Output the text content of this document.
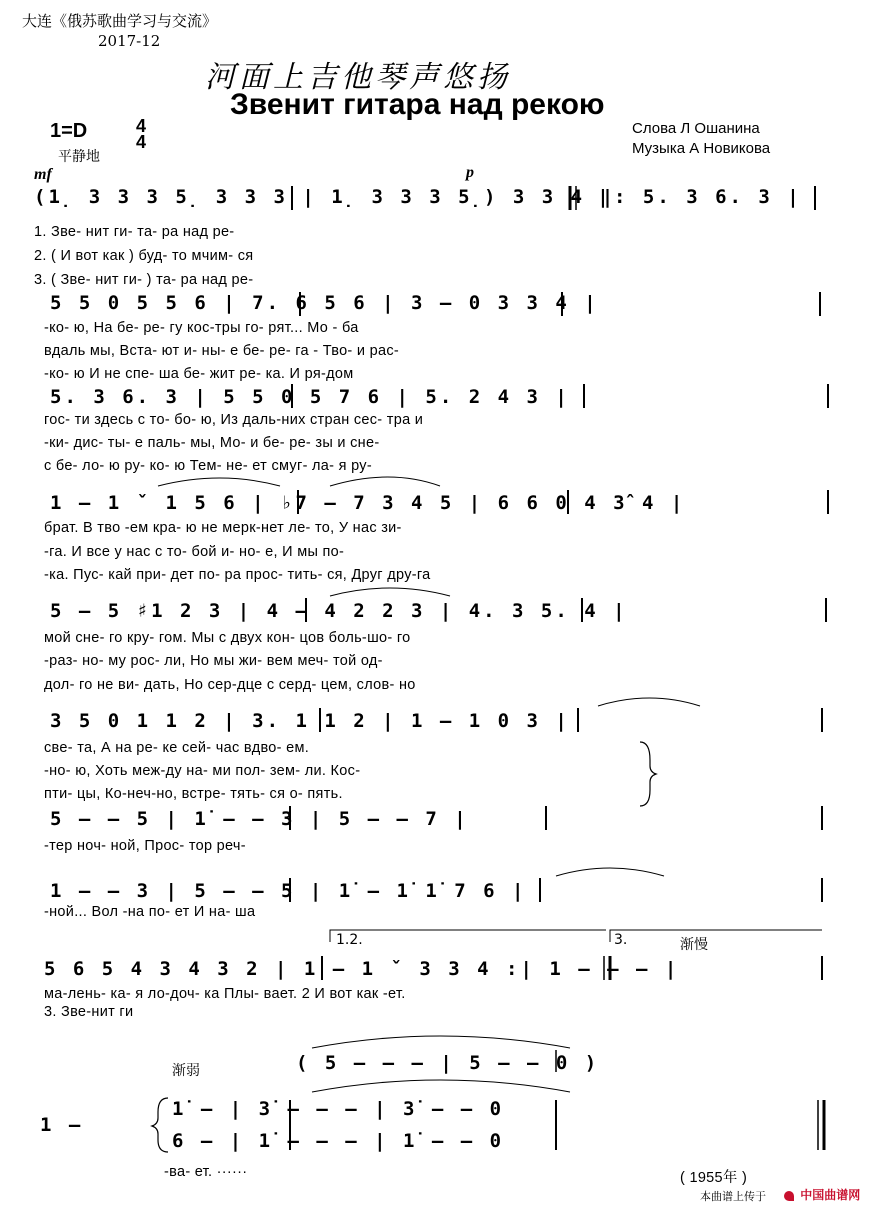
大连《俄苏歌曲学习与交流》
2017-12
河面上吉他琴声悠扬
Звенит гитара над рекою
Слова Л Ошанина
Музыка А Новикова
1=D	4
4
平静地
mf	p
(1̣ 3 3 3 5̣ 3 3 3 | 1̣ 3 3 3 5̣) 3 3 4 ‖: 5. 3 6. 3 |
1. Зве- нит ги- та- ра над ре-
2. ( И вот как ) буд- то мчим- ся
3. ( Зве- нит ги- ) та- ра над ре-
5 5 0 5 5 6 | 7. 6 5 6 | 3 – 0 3 3 4 |
-ко- ю, На бе- ре- гу кос-тры го- рят... Мо - ба
вдаль мы, Вста- ют и- ны- е бе- ре- га - Тво- и рас-
-ко- ю И не спе- ша бе- жит ре- ка. И ря-дом
5. 3 6. 3 | 5 5 0 5 7 6 | 5. 2 4 3 |
гос- ти здесь с то- бо- ю, Из даль-них стран сес- тра и
-ки- дис- ты- е паль- мы, Мо- и бе- ре- зы и сне-
с бе- ло- ю ру- ко- ю Тем- не- ет смуг- ла- я ру-
1 – 1 ˇ 1 5 6 | ♭7 – 7 3 4 5 | 6 6 0 4 3̂ 4 |
брат. В тво -ем кра- ю не мерк-нет ле- то, У нас зи-
-га. И все у нас с то- бой и- но- е, И мы по-
-ка. Пус- кай при- дет по- ра прос- тить- ся, Друг дру-га
5 – 5 ♯1 2 3 | 4 – 4 2 2 3 | 4. 3 5. 4 |
мой сне- го кру- гом. Мы с двух кон- цов боль-шо- го
-раз- но- му рос- ли, Но мы жи- вем меч- той од-
дол- го не ви- дать, Но сер-дце с серд- цем, слов- но
3 5 0 1 1 2 | 3. 1 1 2 | 1 – 1 0 3 |
све- та, А на ре- ке сей- час вдво- ем.
-но- ю, Хоть меж-ду на- ми пол- зем- ли. Кос-
пти- цы, Ко-неч-но, встре- тять- ся о- пять.
5 – – 5 | 1̇ – – 3 | 5 – – 7 |
-тер ноч- ной, Прос- тор реч-
1 – – 3 | 5 – – 5 | 1̇ – 1̇ 1̇ 7 6 |
-ной... Вол -на по- ет И на- ша
1.2.	3.	渐慢
5 6 5 4 3 4 3 2 | 1 – 1 ˇ 3 3 4 :| 1 – – – |
ма-лень- ка- я ло-доч- ка Плы- вает. 2 И вот как -ет.
3. Зве-нит ги
渐弱	( 5 – – – | 5 – – 0 )
1 –
1̇ – | 3̇ – – – | 3̇ – – 0
6 – | 1̇ – – – | 1̇ – – 0
-ва- ет. ······	( 1955年 )
本曲谱上传于	中国曲谱网
